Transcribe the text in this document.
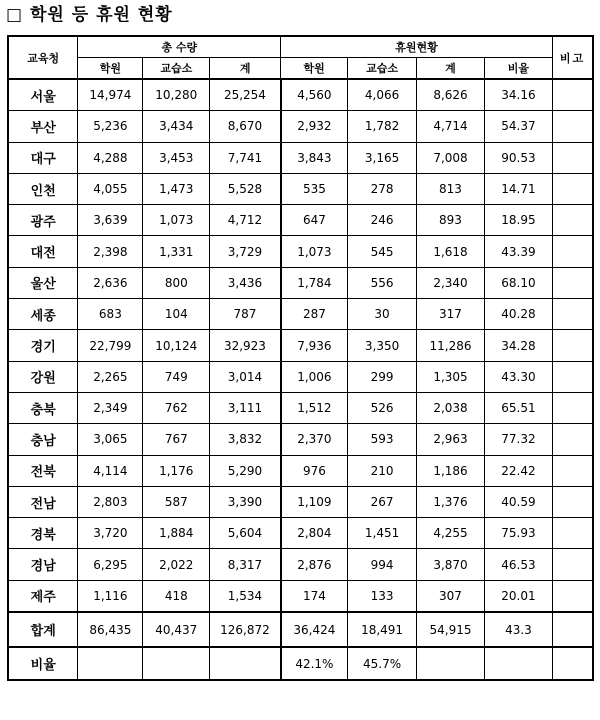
□ 학원 등 휴원 현황
교육청	총 수량			휴원현황				비고
	학원	교습소	계	학원	교습소	계	비율	
서울	14,974	10,280	25,254	4,560	4,066	8,626	34.16	
부산	5,236	3,434	8,670	2,932	1,782	4,714	54.37	
대구	4,288	3,453	7,741	3,843	3,165	7,008	90.53	
인천	4,055	1,473	5,528	535	278	813	14.71	
광주	3,639	1,073	4,712	647	246	893	18.95	
대전	2,398	1,331	3,729	1,073	545	1,618	43.39	
울산	2,636	800	3,436	1,784	556	2,340	68.10	
세종	683	104	787	287	30	317	40.28	
경기	22,799	10,124	32,923	7,936	3,350	11,286	34.28	
강원	2,265	749	3,014	1,006	299	1,305	43.30	
충북	2,349	762	3,111	1,512	526	2,038	65.51	
충남	3,065	767	3,832	2,370	593	2,963	77.32	
전북	4,114	1,176	5,290	976	210	1,186	22.42	
전남	2,803	587	3,390	1,109	267	1,376	40.59	
경북	3,720	1,884	5,604	2,804	1,451	4,255	75.93	
경남	6,295	2,022	8,317	2,876	994	3,870	46.53	
제주	1,116	418	1,534	174	133	307	20.01	
합계	86,435	40,437	126,872	36,424	18,491	54,915	43.3	
비율				42.1%	45.7%			
